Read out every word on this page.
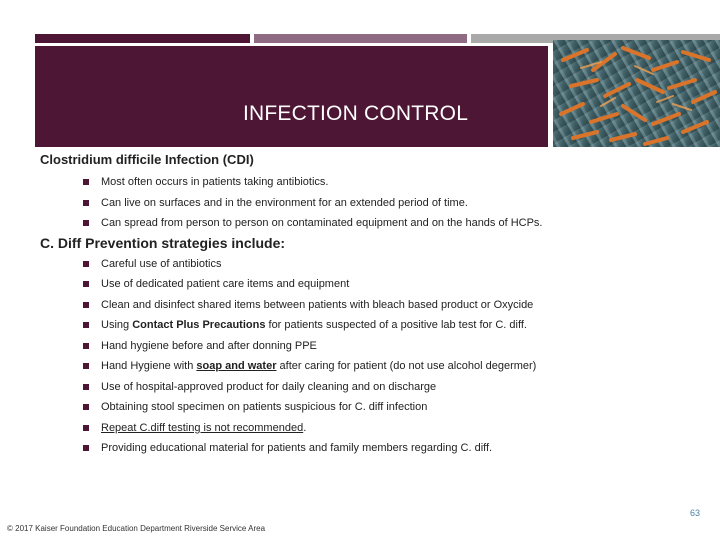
INFECTION CONTROL
Clostridium difficile Infection (CDI)
Most often occurs in patients taking antibiotics.
Can live on surfaces and in the environment for an extended period of time.
Can spread from person to person on contaminated equipment and on the hands of HCPs.
C. Diff Prevention strategies include:
Careful use of antibiotics
Use of dedicated patient care items and equipment
Clean and disinfect shared items between patients with bleach based product or Oxycide
Using Contact Plus Precautions for patients suspected of a positive lab test for C. diff.
Hand hygiene before and after donning PPE
Hand Hygiene with soap and water after caring for patient (do not use alcohol degermer)
Use of hospital-approved product for daily cleaning and on discharge
Obtaining stool specimen on patients suspicious for C. diff infection
Repeat C.diff testing is not recommended.
Providing educational material for patients and family members regarding C. diff.
© 2017 Kaiser Foundation Education Department Riverside Service Area
63
